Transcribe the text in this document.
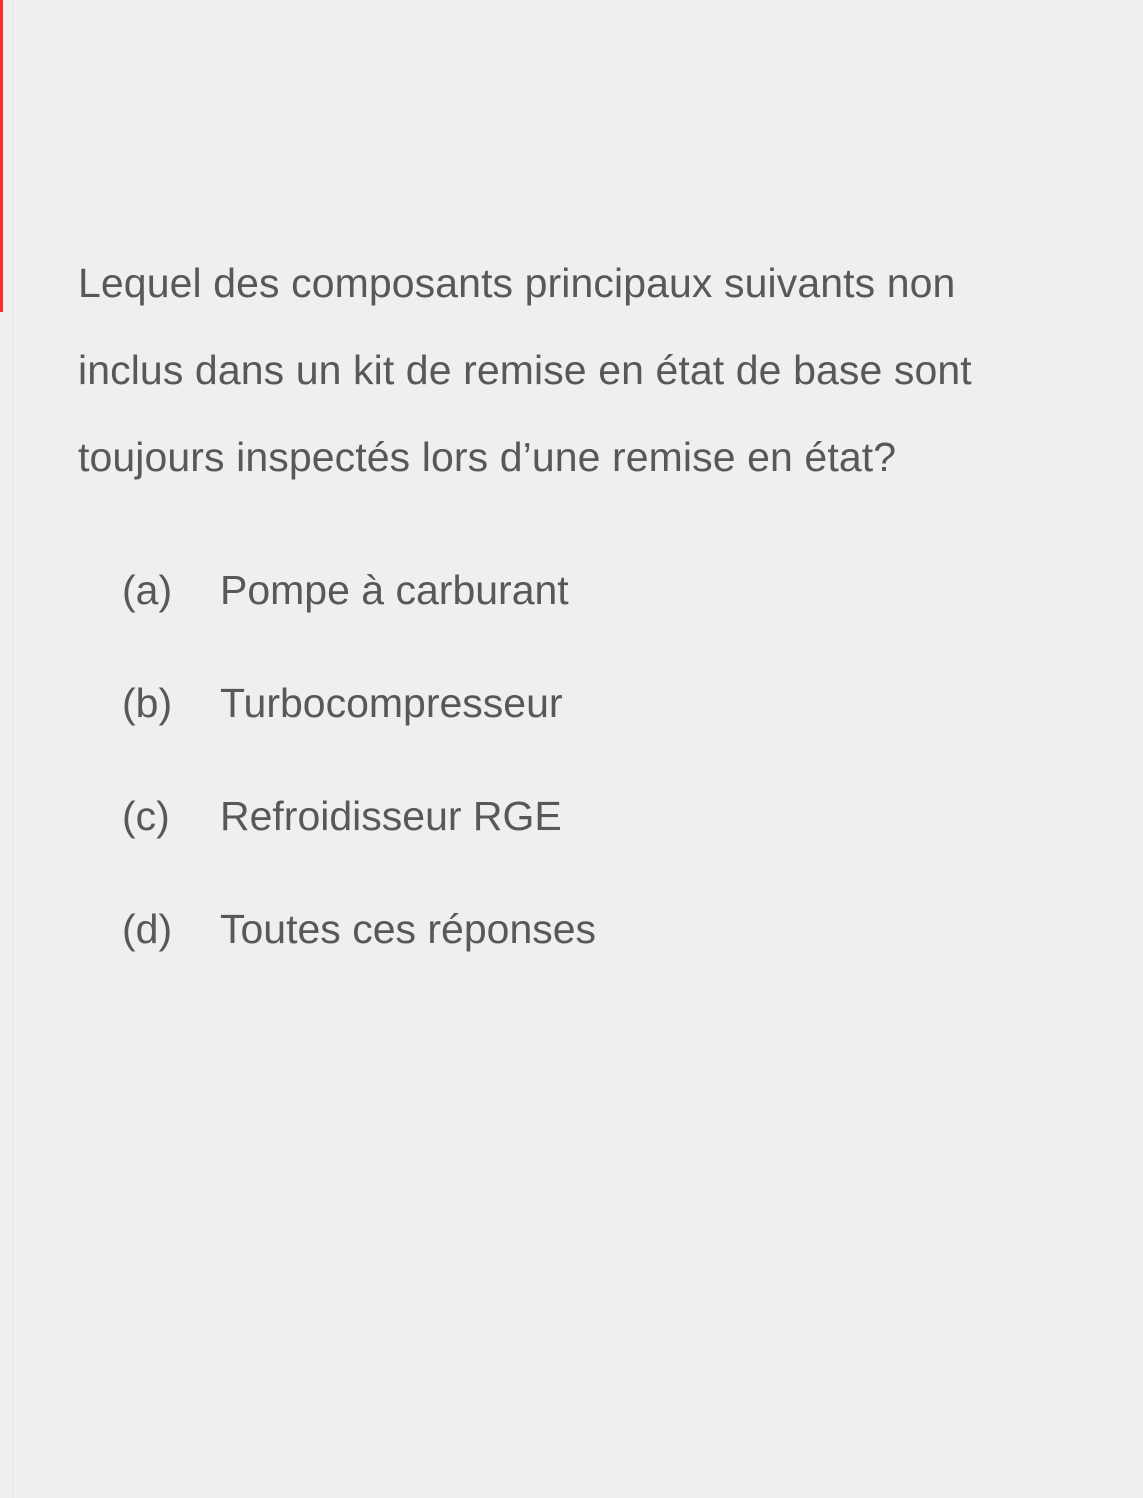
Lequel des composants principaux suivants non inclus dans un kit de remise en état de base sont toujours inspectés lors d’une remise en état?
(a)	Pompe à carburant
(b)	Turbocompresseur
(c)	Refroidisseur RGE
(d)	Toutes ces réponses
